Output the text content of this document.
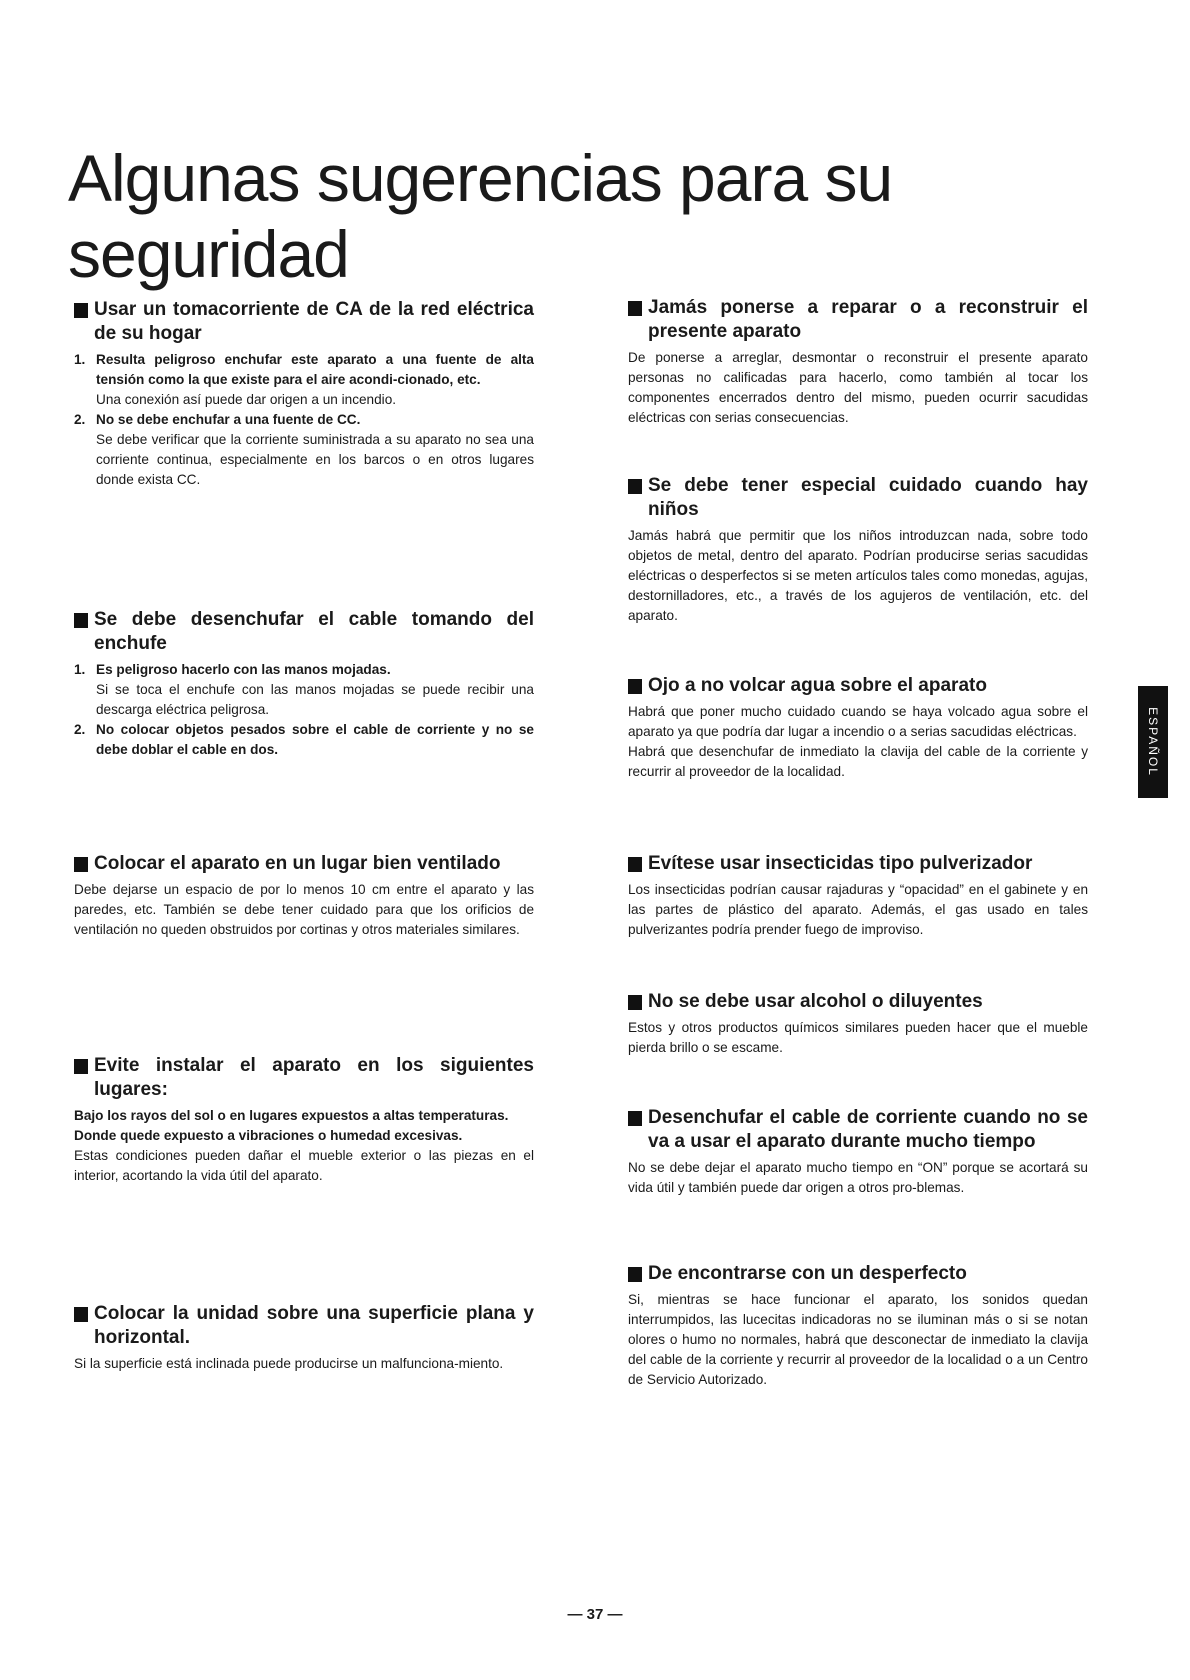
Algunas sugerencias para su
seguridad
Usar un tomacorriente de CA de la red eléctrica de su hogar
1. Resulta peligroso enchufar este aparato a una fuente de alta tensión como la que existe para el aire acondi-cionado, etc.

Una conexión así puede dar origen a un incendio.

2. No se debe enchufar a una fuente de CC.

Se debe verificar que la corriente suministrada a su aparato no sea una corriente continua, especialmente en los barcos o en otros lugares donde exista CC.

Se debe desenchufar el cable tomando del enchufe
1. Es peligroso hacerlo con las manos mojadas.

Si se toca el enchufe con las manos mojadas se puede recibir una descarga eléctrica peligrosa.

2. No colocar objetos pesados sobre el cable de corriente y no se debe doblar el cable en dos.

Colocar el aparato en un lugar bien ventilado

Debe dejarse un espacio de por lo menos 10 cm entre el aparato y las paredes, etc. También se debe tener cuidado para que los orificios de ventilación no queden obstruidos por cortinas y otros materiales similares.

Evite instalar el aparato en los siguientes lugares:

Bajo los rayos del sol o en lugares expuestos a altas temperaturas.

Donde quede expuesto a vibraciones o humedad excesivas.

Estas condiciones pueden dañar el mueble exterior o las piezas en el interior, acortando la vida útil del aparato.

Colocar la unidad sobre una superficie plana y horizontal.

Si la superficie está inclinada puede producirse un malfunciona-miento.

Jamás ponerse a reparar o a reconstruir el presente aparato

De ponerse a arreglar, desmontar o reconstruir el presente aparato personas no calificadas para hacerlo, como también al tocar los componentes encerrados dentro del mismo, pueden ocurrir sacudidas eléctricas con serias consecuencias.

Se debe tener especial cuidado cuando hay niños

Jamás habrá que permitir que los niños introduzcan nada, sobre todo objetos de metal, dentro del aparato. Podrían producirse serias sacudidas eléctricas o desperfectos si se meten artículos tales como monedas, agujas, destornilladores, etc., a través de los agujeros de ventilación, etc. del aparato.

Ojo a no volcar agua sobre el aparato

Habrá que poner mucho cuidado cuando se haya volcado agua sobre el aparato ya que podría dar lugar a incendio o a serias sacudidas eléctricas.

Habrá que desenchufar de inmediato la clavija del cable de la corriente y recurrir al proveedor de la localidad.

Evítese usar insecticidas tipo pulverizador

Los insecticidas podrían causar rajaduras y “opacidad” en el gabinete y en las partes de plástico del aparato. Además, el gas usado en tales pulverizantes podría prender fuego de improviso.

No se debe usar alcohol o diluyentes

Estos y otros productos químicos similares pueden hacer que el mueble pierda brillo o se escame.

Desenchufar el cable de corriente cuando no se va a usar el aparato durante mucho tiempo

No se debe dejar el aparato mucho tiempo en “ON” porque se acortará su vida útil y también puede dar origen a otros pro-blemas.

De encontrarse con un desperfecto

Si, mientras se hace funcionar el aparato, los sonidos quedan interrumpidos, las lucecitas indicadoras no se iluminan más o si se notan olores o humo no normales, habrá que desconectar de inmediato la clavija del cable de la corriente y recurrir al proveedor de la localidad o a un Centro de Servicio Autorizado.

ESPAÑOL
— 37 —
